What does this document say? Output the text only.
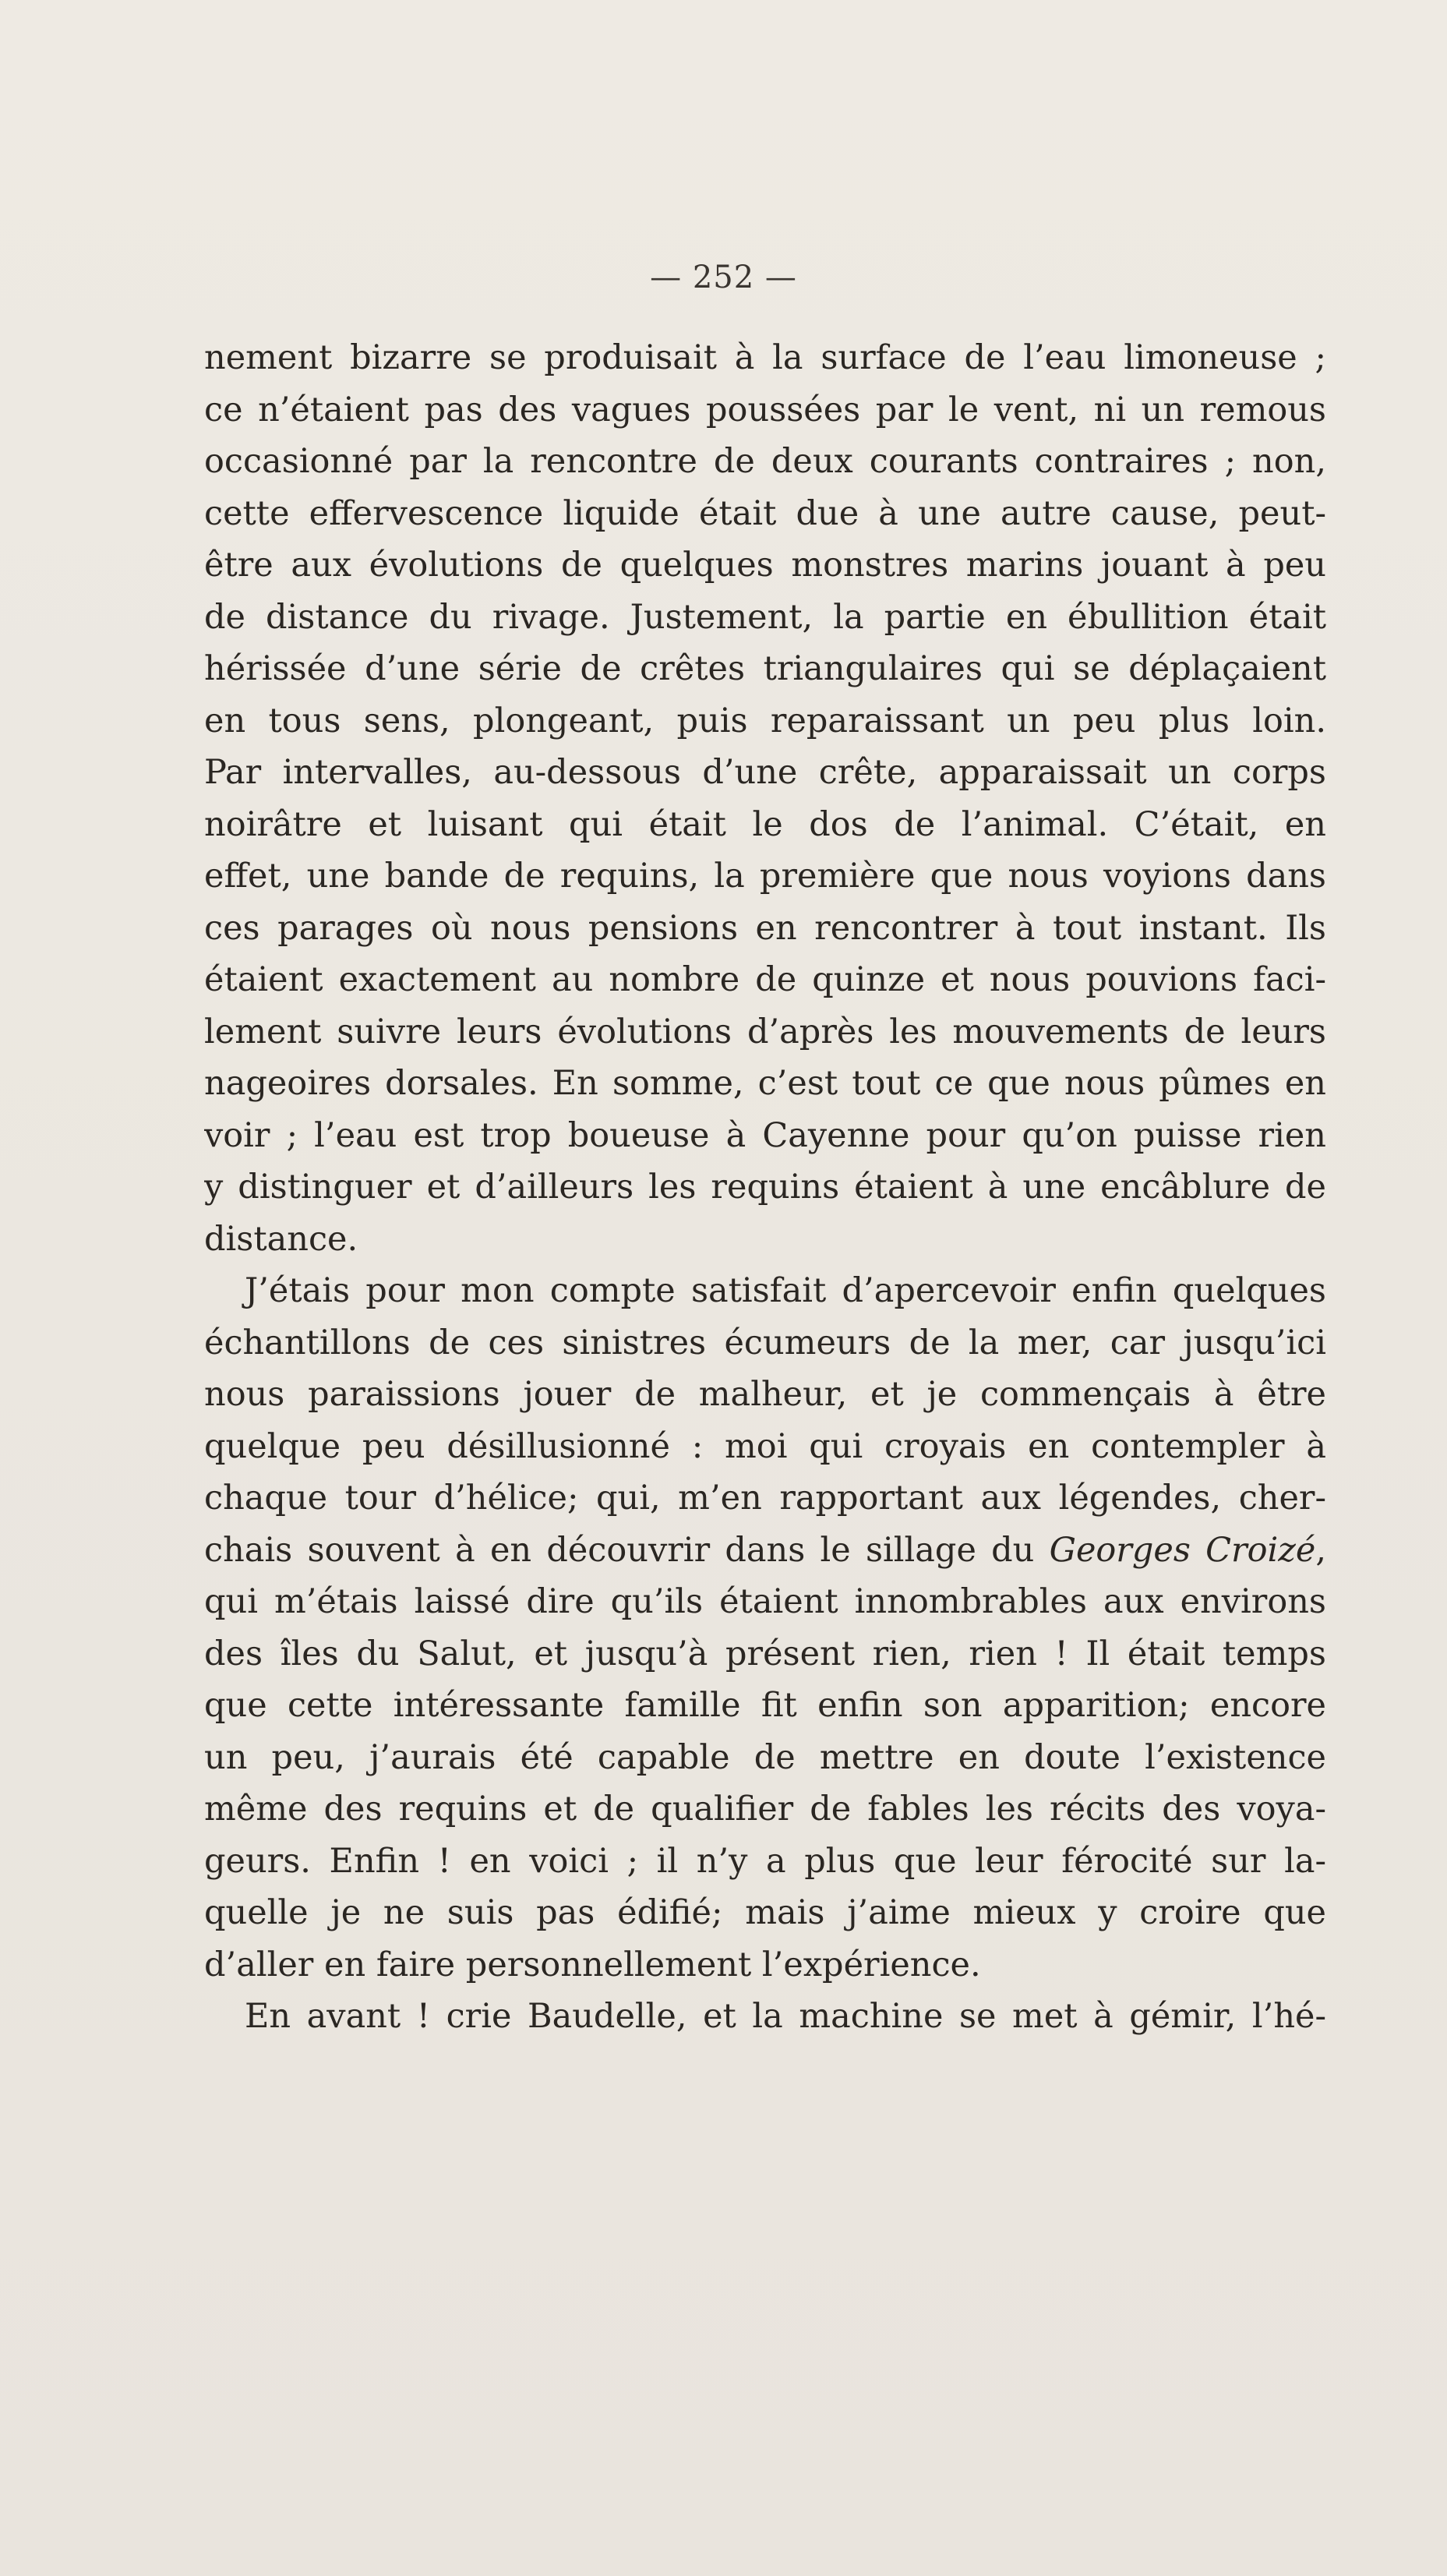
— 252 —
nement bizarre se produisait à la surface de l’eau limoneuse ;
ce n’étaient pas des vagues poussées par le vent, ni un remous
occasionné par la rencontre de deux courants contraires ; non,
cette effervescence liquide était due à une autre cause, peut-
être aux évolutions de quelques monstres marins jouant à peu
de distance du rivage. Justement, la partie en ébullition était
hérissée d’une série de crêtes triangulaires qui se déplaçaient
en tous sens, plongeant, puis reparaissant un peu plus loin.
Par intervalles, au-dessous d’une crête, apparaissait un corps
noirâtre et luisant qui était le dos de l’animal. C’était, en
effet, une bande de requins, la première que nous voyions dans
ces parages où nous pensions en rencontrer à tout instant. Ils
étaient exactement au nombre de quinze et nous pouvions faci-
lement suivre leurs évolutions d’après les mouvements de leurs
nageoires dorsales. En somme, c’est tout ce que nous pûmes en
voir ; l’eau est trop boueuse à Cayenne pour qu’on puisse rien
y distinguer et d’ailleurs les requins étaient à une encâblure de
distance.
J’étais pour mon compte satisfait d’apercevoir enfin quelques
échantillons de ces sinistres écumeurs de la mer, car jusqu’ici
nous paraissions jouer de malheur, et je commençais à être
quelque peu désillusionné : moi qui croyais en contempler à
chaque tour d’hélice; qui, m’en rapportant aux légendes, cher-
chais souvent à en découvrir dans le sillage du Georges Croizé,
qui m’étais laissé dire qu’ils étaient innombrables aux environs
des îles du Salut, et jusqu’à présent rien, rien ! Il était temps
que cette intéressante famille fit enfin son apparition; encore
un peu, j’aurais été capable de mettre en doute l’existence
même des requins et de qualifier de fables les récits des voya-
geurs. Enfin ! en voici ; il n’y a plus que leur férocité sur la-
quelle je ne suis pas édifié; mais j’aime mieux y croire que
d’aller en faire personnellement l’expérience.
En avant ! crie Baudelle, et la machine se met à gémir, l’hé-
